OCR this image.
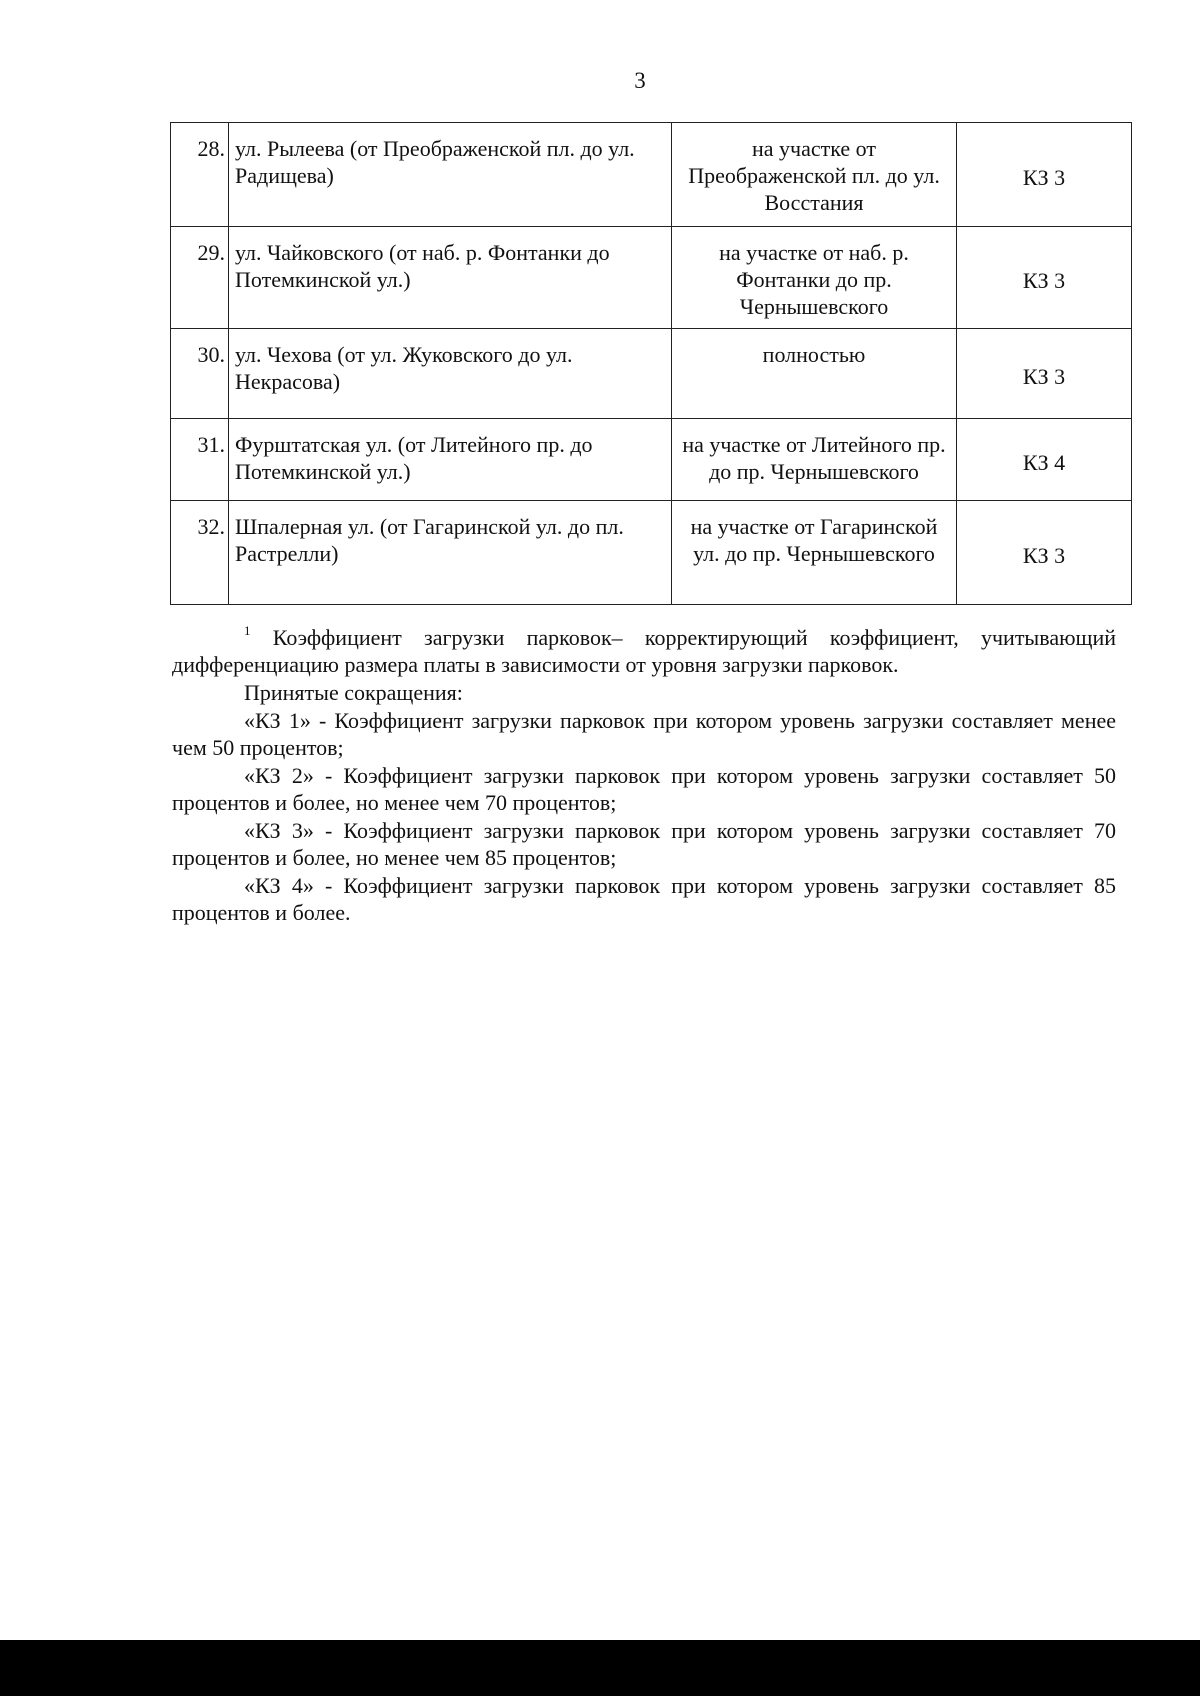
3
28.	ул. Рылеева (от Преображенской пл. до ул. Радищева)	на участке от Преображенской пл. до ул. Восстания	КЗ 3
29.	ул. Чайковского (от наб. р. Фонтанки до Потемкинской ул.)	на участке от наб. р. Фонтанки до пр. Чернышевского	КЗ 3
30.	ул. Чехова (от ул. Жуковского до ул. Некрасова)	полностью	КЗ 3
31.	Фурштатская ул. (от Литейного пр. до Потемкинской ул.)	на участке от Литейного пр. до пр. Чернышевского	КЗ 4
32.	Шпалерная ул. (от Гагаринской ул. до пл. Растрелли)	на участке от Гагаринской ул. до пр. Чернышевского	КЗ 3

$^1$ Коэффициент загрузки парковок– корректирующий коэффициент, учитывающий дифференциацию размера платы в зависимости от уровня загрузки парковок.

Принятые сокращения:

«КЗ 1» - Коэффициент загрузки парковок при котором уровень загрузки составляет менее чем 50 процентов;

«КЗ 2» - Коэффициент загрузки парковок при котором уровень загрузки составляет 50 процентов и более, но менее чем 70 процентов;

«КЗ 3» - Коэффициент загрузки парковок при котором уровень загрузки составляет 70 процентов и более, но менее чем 85 процентов;

«КЗ 4» - Коэффициент загрузки парковок при котором уровень загрузки составляет 85 процентов и более.
